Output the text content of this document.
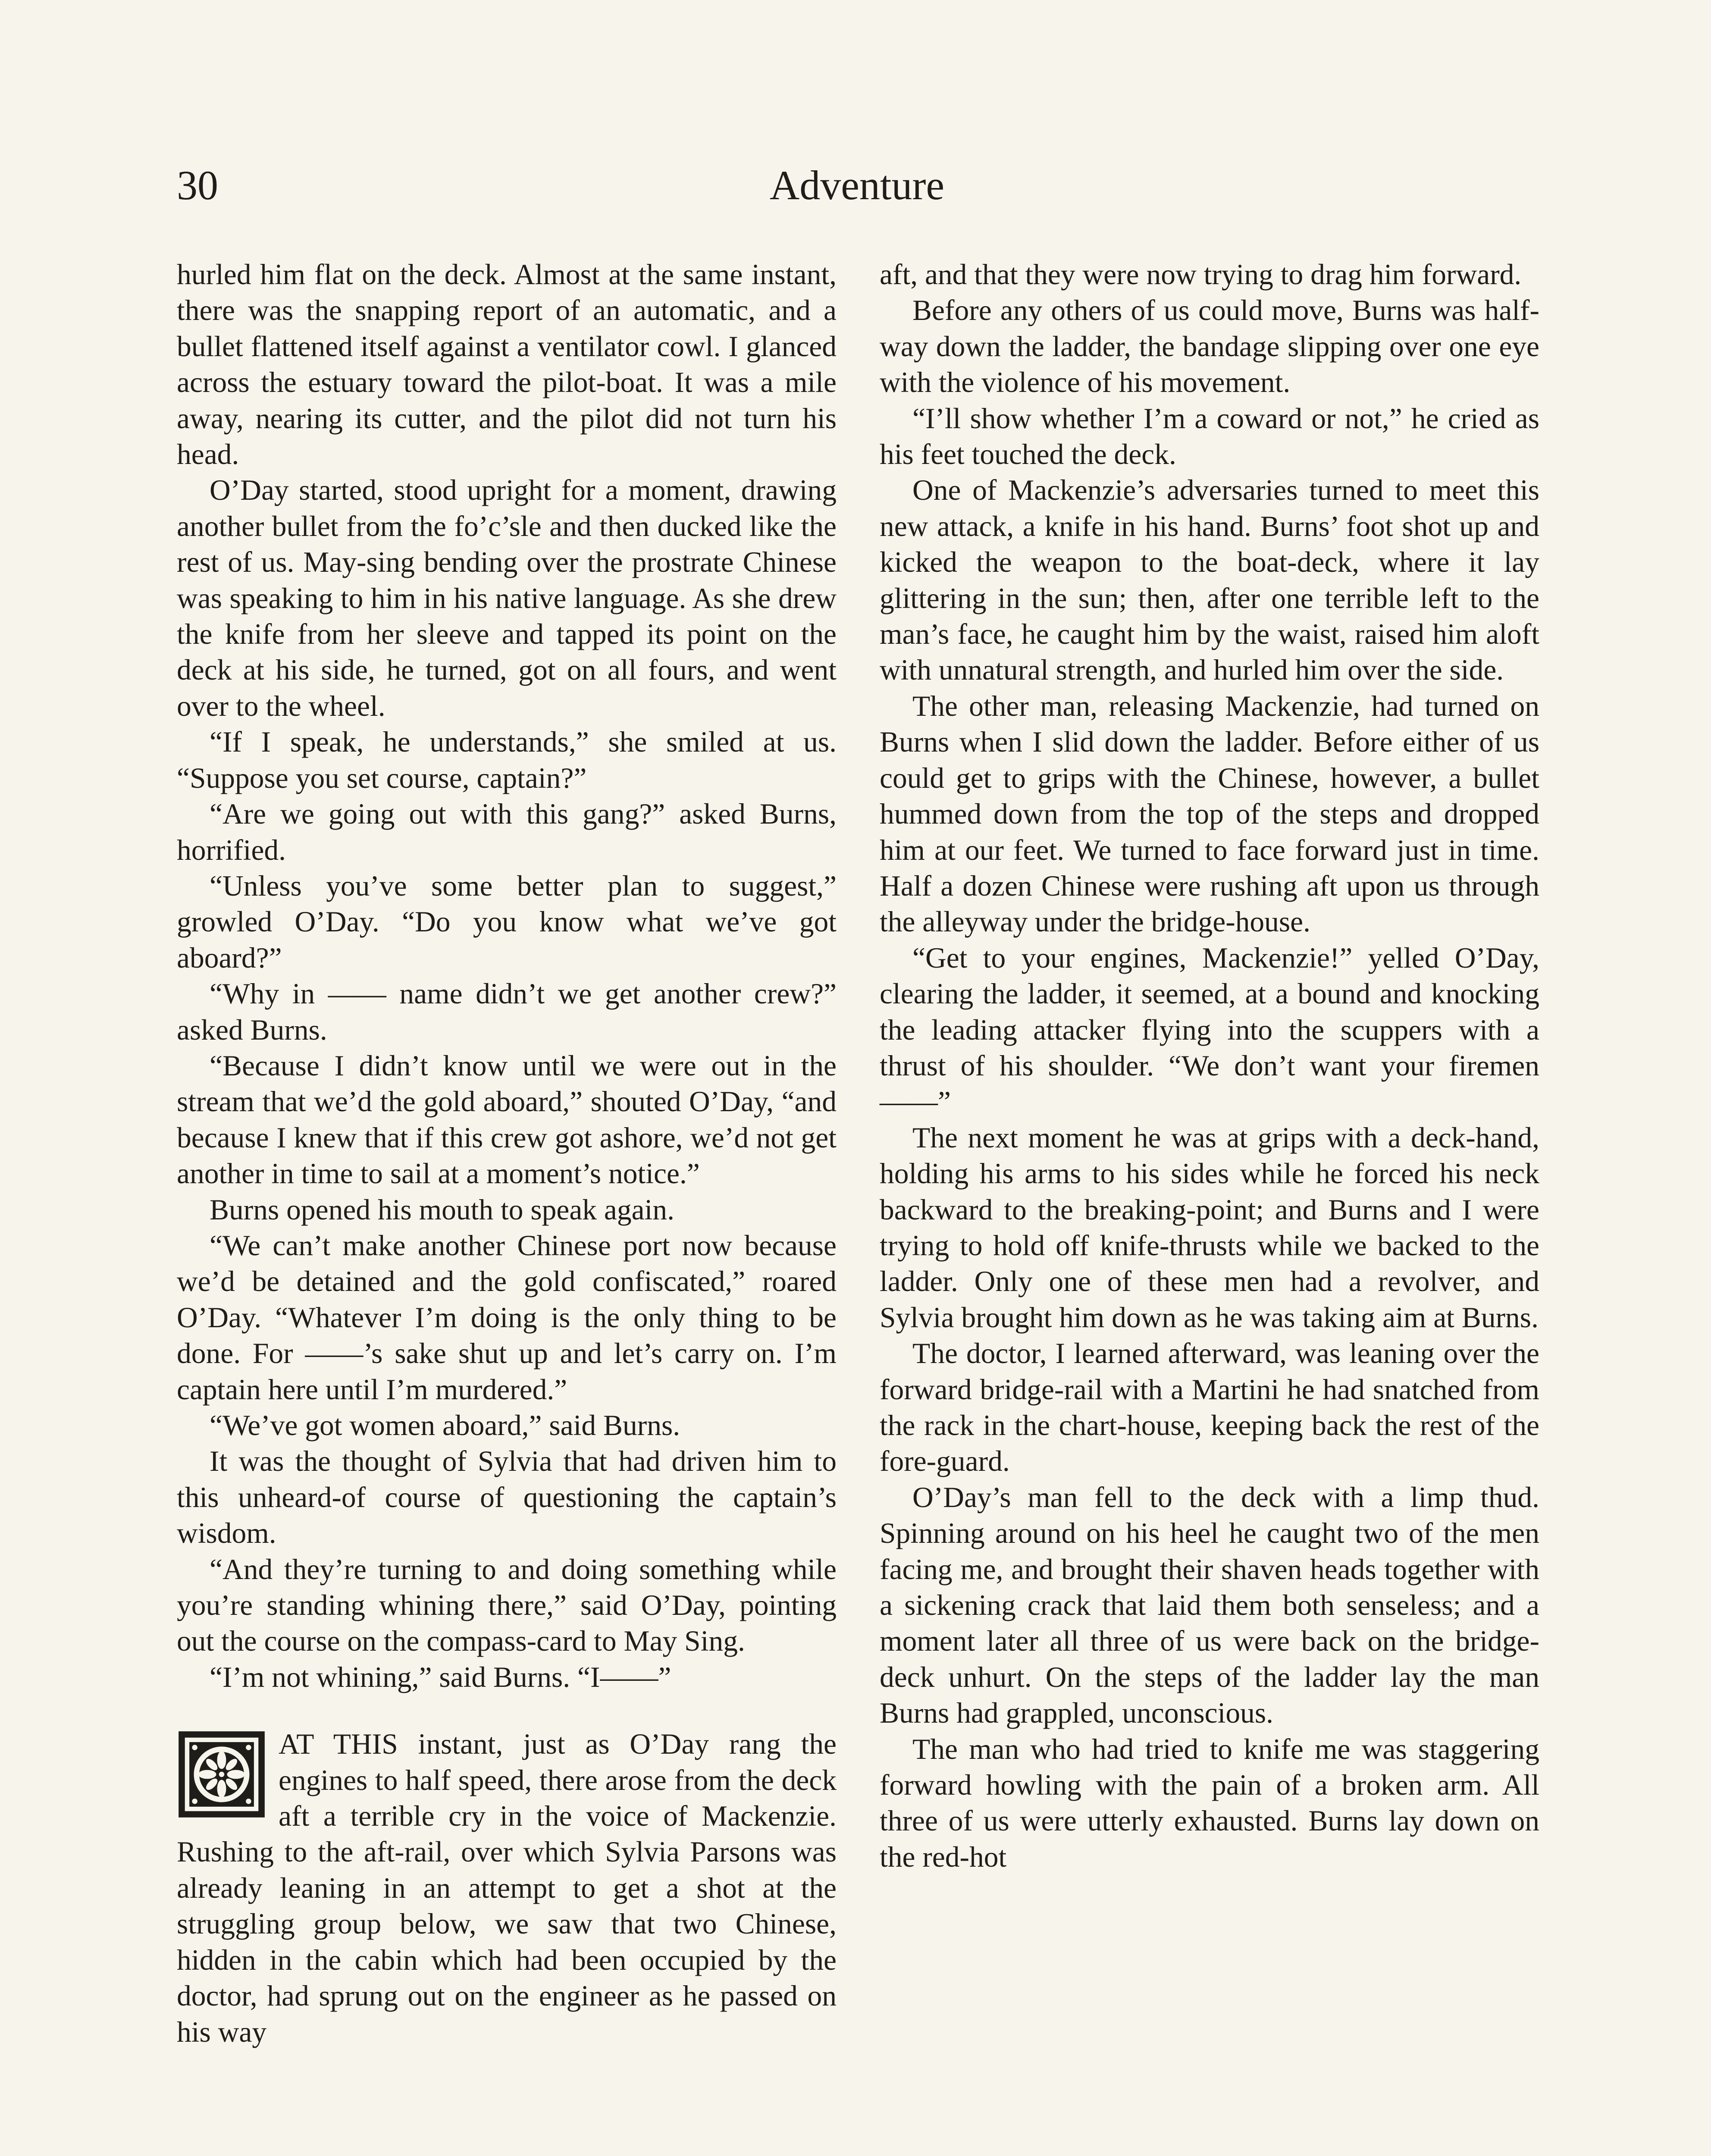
30	Adventure

hurled him flat on the deck. Almost at the same instant, there was the snapping report of an automatic, and a bullet flattened itself against a ventilator cowl. I glanced across the estuary toward the pilot-boat. It was a mile away, nearing its cutter, and the pilot did not turn his head.

O’Day started, stood upright for a moment, drawing another bullet from the fo’c’sle and then ducked like the rest of us. May-sing bending over the prostrate Chinese was speaking to him in his native language. As she drew the knife from her sleeve and tapped its point on the deck at his side, he turned, got on all fours, and went over to the wheel.

“If I speak, he understands,” she smiled at us. “Suppose you set course, captain?”

“Are we going out with this gang?” asked Burns, horrified.

“Unless you’ve some better plan to suggest,” growled O’Day. “Do you know what we’ve got aboard?”

“Why in —— name didn’t we get another crew?” asked Burns.

“Because I didn’t know until we were out in the stream that we’d the gold aboard,” shouted O’Day, “and because I knew that if this crew got ashore, we’d not get another in time to sail at a moment’s notice.”

Burns opened his mouth to speak again.

“We can’t make another Chinese port now because we’d be detained and the gold confiscated,” roared O’Day. “Whatever I’m doing is the only thing to be done. For ——’s sake shut up and let’s carry on. I’m captain here until I’m murdered.”

“We’ve got women aboard,” said Burns.

It was the thought of Sylvia that had driven him to this unheard-of course of questioning the captain’s wisdom.

“And they’re turning to and doing something while you’re standing whining there,” said O’Day, pointing out the course on the compass-card to May Sing.

“I’m not whining,” said Burns. “I——”

AT THIS instant, just as O’Day rang the engines to half speed, there arose from the deck aft a terrible cry in the voice of Mackenzie. Rushing to the aft-rail, over which Sylvia Parsons was already leaning in an attempt to get a shot at the struggling group below, we saw that two Chinese, hidden in the cabin which had been occupied by the doctor, had sprung out on the engineer as he passed on his way

aft, and that they were now trying to drag him forward.

Before any others of us could move, Burns was half-way down the ladder, the bandage slipping over one eye with the violence of his movement.

“I’ll show whether I’m a coward or not,” he cried as his feet touched the deck.

One of Mackenzie’s adversaries turned to meet this new attack, a knife in his hand. Burns’ foot shot up and kicked the weapon to the boat-deck, where it lay glittering in the sun; then, after one terrible left to the man’s face, he caught him by the waist, raised him aloft with unnatural strength, and hurled him over the side.

The other man, releasing Mackenzie, had turned on Burns when I slid down the ladder. Before either of us could get to grips with the Chinese, however, a bullet hummed down from the top of the steps and dropped him at our feet. We turned to face forward just in time. Half a dozen Chinese were rushing aft upon us through the alleyway under the bridge-house.

“Get to your engines, Mackenzie!” yelled O’Day, clearing the ladder, it seemed, at a bound and knocking the leading attacker flying into the scuppers with a thrust of his shoulder. “We don’t want your firemen——”

The next moment he was at grips with a deck-hand, holding his arms to his sides while he forced his neck backward to the breaking-point; and Burns and I were trying to hold off knife-thrusts while we backed to the ladder. Only one of these men had a revolver, and Sylvia brought him down as he was taking aim at Burns.

The doctor, I learned afterward, was leaning over the forward bridge-rail with a Martini he had snatched from the rack in the chart-house, keeping back the rest of the fore-guard.

O’Day’s man fell to the deck with a limp thud. Spinning around on his heel he caught two of the men facing me, and brought their shaven heads together with a sickening crack that laid them both senseless; and a moment later all three of us were back on the bridge-deck unhurt. On the steps of the ladder lay the man Burns had grappled, unconscious.

The man who had tried to knife me was staggering forward howling with the pain of a broken arm. All three of us were utterly exhausted. Burns lay down on the red-hot
